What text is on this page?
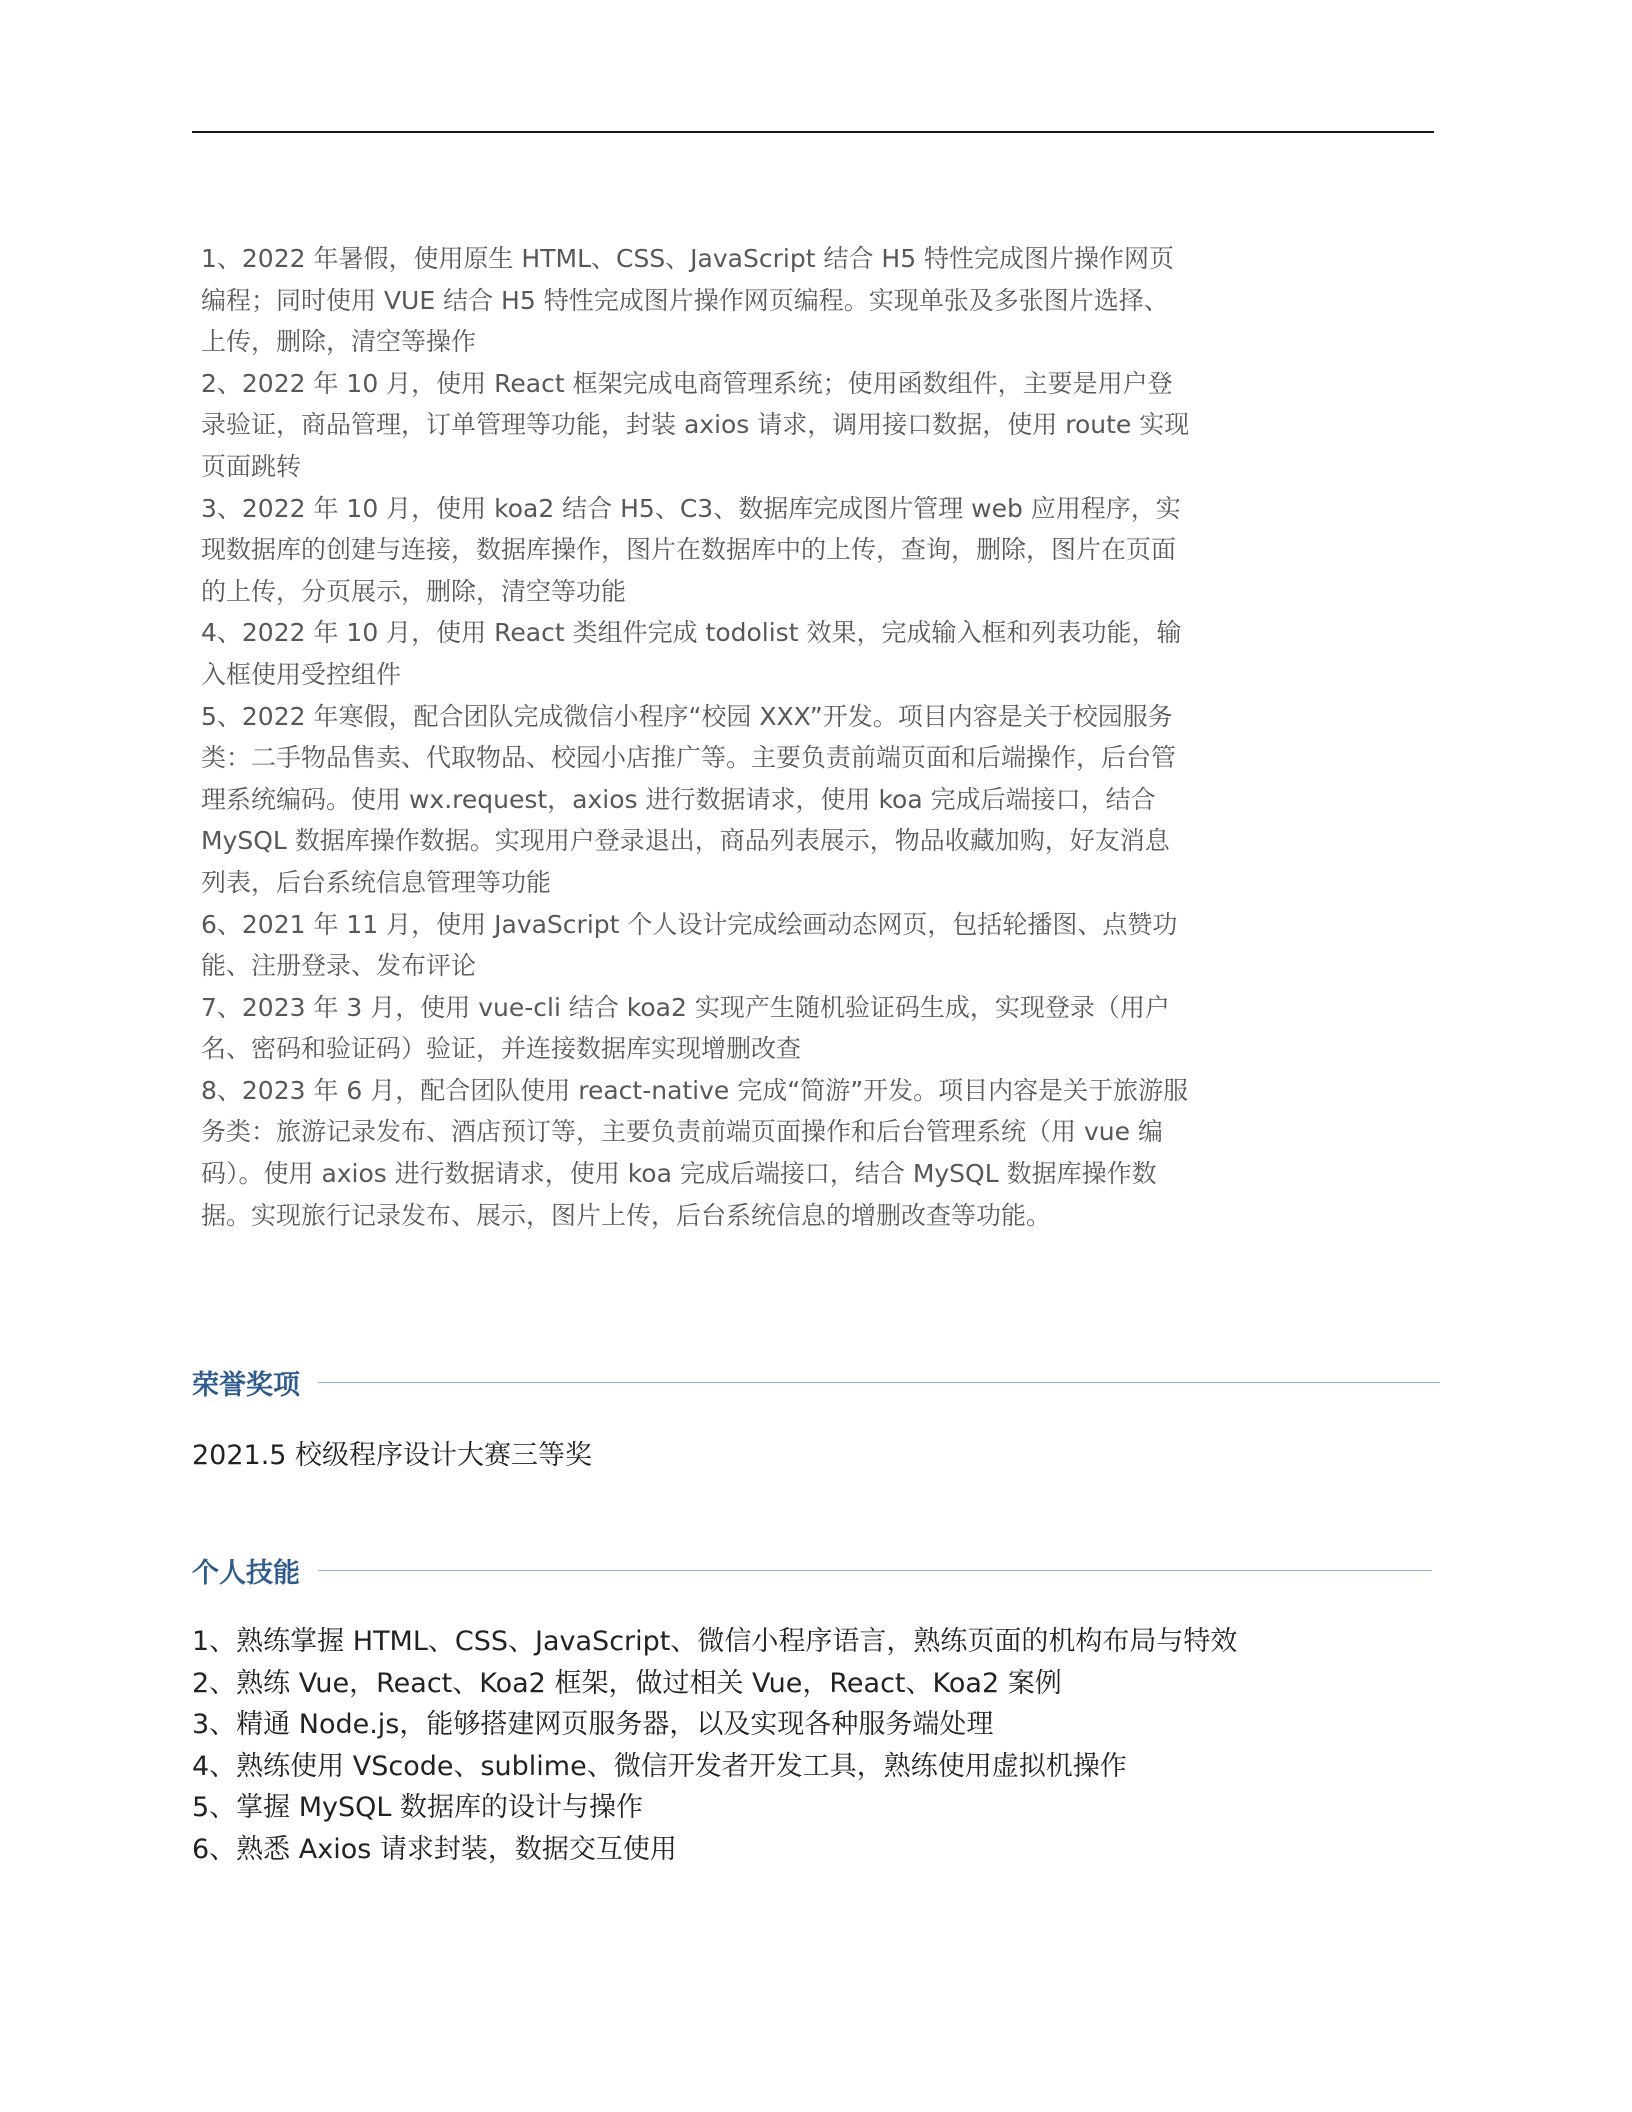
1、2022 年暑假，使用原生 HTML、CSS、JavaScript 结合 H5 特性完成图片操作网页编程；同时使用 VUE 结合 H5 特性完成图片操作网页编程。实现单张及多张图片选择、上传，删除，清空等操作

2、2022 年 10 月，使用 React 框架完成电商管理系统；使用函数组件，主要是用户登录验证，商品管理，订单管理等功能，封装 axios 请求，调用接口数据，使用 route 实现页面跳转

3、2022 年 10 月，使用 koa2 结合 H5、C3、数据库完成图片管理 web 应用程序，实现数据库的创建与连接，数据库操作，图片在数据库中的上传，查询，删除，图片在页面的上传，分页展示，删除，清空等功能

4、2022 年 10 月，使用 React 类组件完成 todolist 效果，完成输入框和列表功能，输入框使用受控组件

5、2022 年寒假，配合团队完成微信小程序“校园 XXX”开发。项目内容是关于校园服务类：二手物品售卖、代取物品、校园小店推广等。主要负责前端页面和后端操作，后台管理系统编码。使用 wx.request，axios 进行数据请求，使用 koa 完成后端接口，结合 MySQL 数据库操作数据。实现用户登录退出，商品列表展示，物品收藏加购，好友消息列表，后台系统信息管理等功能

6、2021 年 11 月，使用 JavaScript 个人设计完成绘画动态网页，包括轮播图、点赞功能、注册登录、发布评论

7、2023 年 3 月，使用 vue-cli 结合 koa2 实现产生随机验证码生成，实现登录（用户名、密码和验证码）验证，并连接数据库实现增删改查

8、2023 年 6 月，配合团队使用 react-native 完成“简游”开发。项目内容是关于旅游服务类：旅游记录发布、酒店预订等，主要负责前端页面操作和后台管理系统（用 vue 编码）。使用 axios 进行数据请求，使用 koa 完成后端接口，结合 MySQL 数据库操作数据。实现旅行记录发布、展示，图片上传，后台系统信息的增删改查等功能。

荣誉奖项
2021.5 校级程序设计大赛三等奖
个人技能

1、熟练掌握 HTML、CSS、JavaScript、微信小程序语言，熟练页面的机构布局与特效

2、熟练 Vue，React、Koa2 框架，做过相关 Vue，React、Koa2 案例

3、精通 Node.js，能够搭建网页服务器，以及实现各种服务端处理

4、熟练使用 VScode、sublime、微信开发者开发工具，熟练使用虚拟机操作

5、掌握 MySQL 数据库的设计与操作

6、熟悉 Axios 请求封装，数据交互使用
